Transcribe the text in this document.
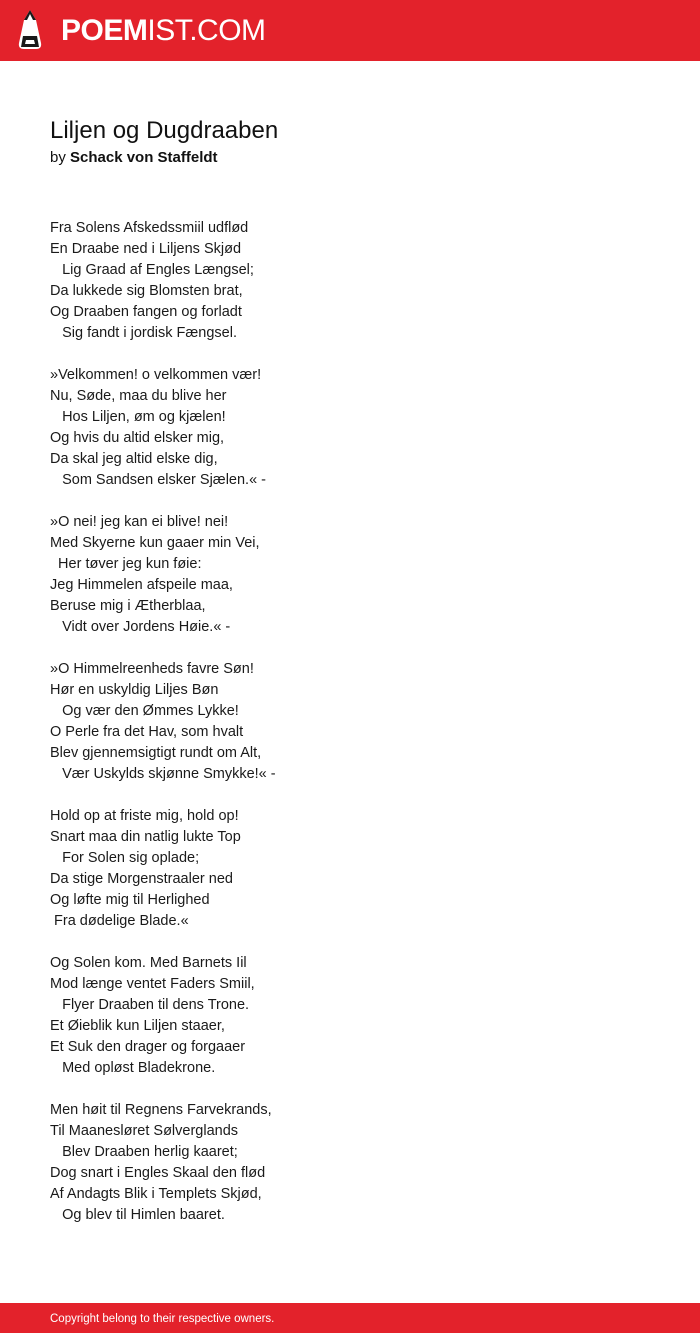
POEMIST.COM
Liljen og Dugdraaben
by Schack von Staffeldt
Fra Solens Afskedssmiil udflød
En Draabe ned i Liljens Skjød
Lig Graad af Engles Længsel;
Da lukkede sig Blomsten brat,
Og Draaben fangen og forladt
Sig fandt i jordisk Fængsel.
»Velkommen! o velkommen vær!
Nu, Søde, maa du blive her
Hos Liljen, øm og kjælen!
Og hvis du altid elsker mig,
Da skal jeg altid elske dig,
Som Sandsen elsker Sjælen.« -
»O nei! jeg kan ei blive! nei!
Med Skyerne kun gaaer min Vei,
Her tøver jeg kun føie:
Jeg Himmelen afspeile maa,
Beruse mig i Ætherblaa,
Vidt over Jordens Høie.« -
»O Himmelreenheds favre Søn!
Hør en uskyldig Liljes Bøn
Og vær den Ømmes Lykke!
O Perle fra det Hav, som hvalt
Blev gjennemsigtigt rundt om Alt,
Vær Uskylds skjønne Smykke!« -
Hold op at friste mig, hold op!
Snart maa din natlig lukte Top
For Solen sig oplade;
Da stige Morgenstraaler ned
Og løfte mig til Herlighed
Fra dødelige Blade.«
Og Solen kom. Med Barnets Iil
Mod længe ventet Faders Smiil,
Flyer Draaben til dens Trone.
Et Øieblik kun Liljen staaer,
Et Suk den drager og forgaaer
Med opløst Bladekrone.
Men høit til Regnens Farvekrands,
Til Maanesløret Sølverglands
Blev Draaben herlig kaaret;
Dog snart i Engles Skaal den flød
Af Andagts Blik i Templets Skjød,
Og blev til Himlen baaret.
Copyright belong to their respective owners.
